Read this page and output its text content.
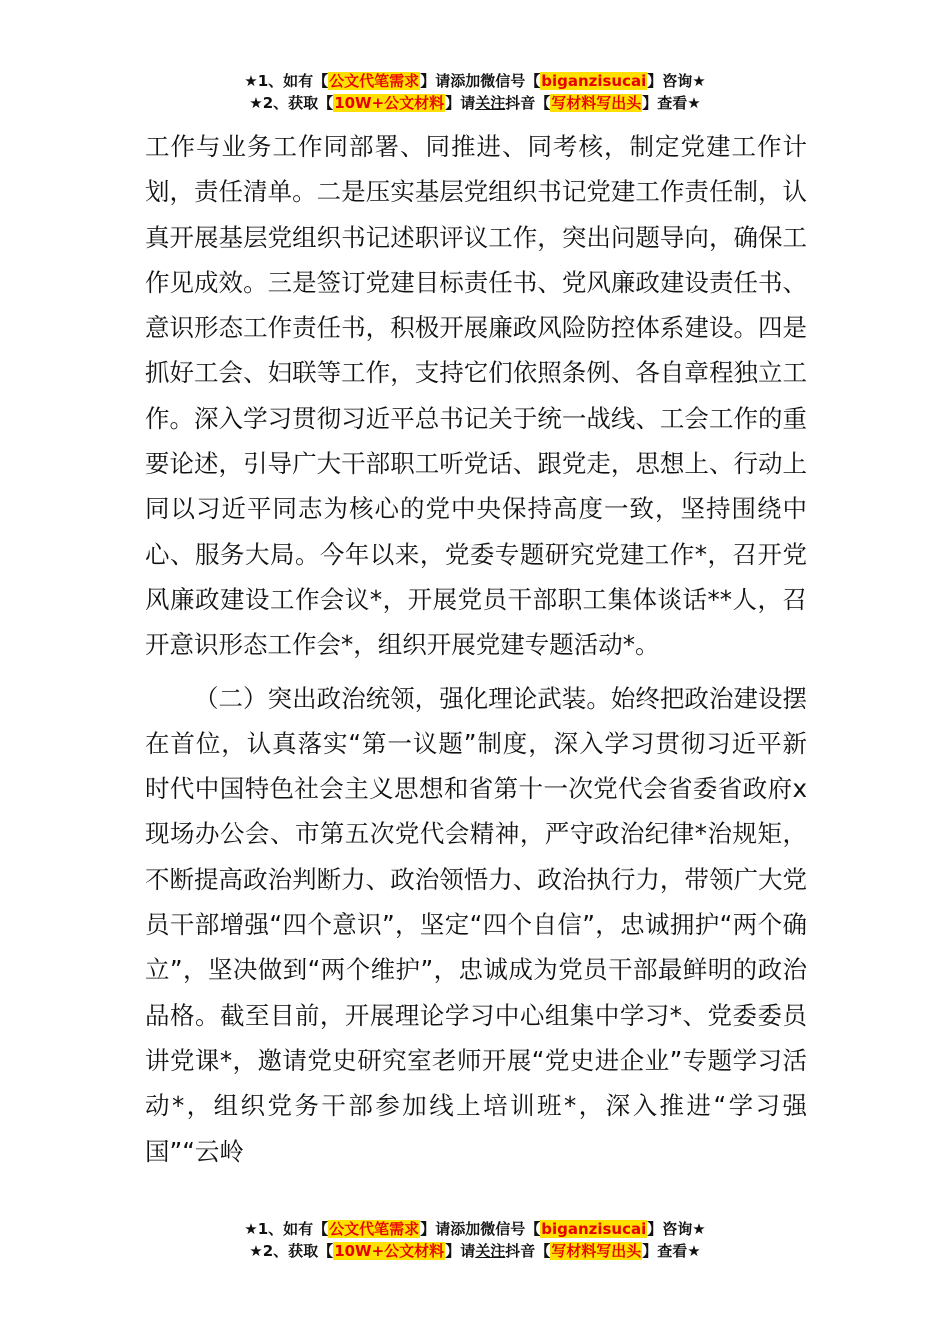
★1、如有【公文代笔需求】请添加微信号【biganzisucai】咨询★
★2、获取【10W+公文材料】请关注抖音【写材料写出头】查看★

工作与业务工作同部署、同推进、同考核，制定党建工作计划，责任清单。二是压实基层党组织书记党建工作责任制，认真开展基层党组织书记述职评议工作，突出问题导向，确保工作见成效。三是签订党建目标责任书、党风廉政建设责任书、意识形态工作责任书，积极开展廉政风险防控体系建设。四是抓好工会、妇联等工作，支持它们依照条例、各自章程独立工作。深入学习贯彻习近平总书记关于统一战线、工会工作的重要论述，引导广大干部职工听党话、跟党走，思想上、行动上同以习近平同志为核心的党中央保持高度一致，坚持围绕中心、服务大局。今年以来，党委专题研究党建工作*，召开党风廉政建设工作会议*，开展党员干部职工集体谈话**人，召开意识形态工作会*，组织开展党建专题活动*。

（二）突出政治统领，强化理论武装。始终把政治建设摆在首位，认真落实“第一议题”制度，深入学习贯彻习近平新时代中国特色社会主义思想和省第十一次党代会省委省政府x现场办公会、市第五次党代会精神，严守政治纪律*治规矩，不断提高政治判断力、政治领悟力、政治执行力，带领广大党员干部增强“四个意识”，坚定“四个自信”，忠诚拥护“两个确立”，坚决做到“两个维护”，忠诚成为党员干部最鲜明的政治品格。截至目前，开展理论学习中心组集中学习*、党委委员讲党课*，邀请党史研究室老师开展“党史进企业”专题学习活动*，组织党务干部参加线上培训班*，深入推进“学习强国”“云岭

★1、如有【公文代笔需求】请添加微信号【biganzisucai】咨询★
★2、获取【10W+公文材料】请关注抖音【写材料写出头】查看★
